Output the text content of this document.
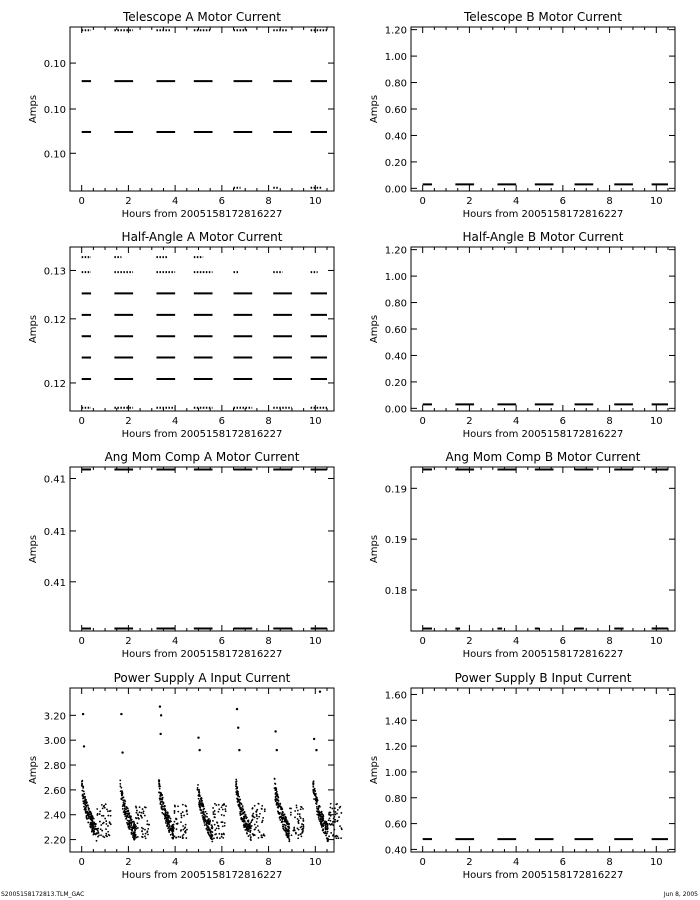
Telescope A Motor Current
0	2	4	6	8	10
Hours from 2005158172816227
0.10
0.10
0.10
Amps
Telescope B Motor Current
0	2	4	6	8	10
Hours from 2005158172816227
0.00
0.20
0.40
0.60
0.80
1.00
1.20
Amps
Half-Angle A Motor Current
0	2	4	6	8	10
Hours from 2005158172816227
0.13
0.12
0.12
Amps
Half-Angle B Motor Current
0	2	4	6	8	10
Hours from 2005158172816227
0.00
0.20
0.40
0.60
0.80
1.00
1.20
Amps
Ang Mom Comp A Motor Current
0	2	4	6	8	10
Hours from 2005158172816227
0.41
0.41
0.41
Amps
Ang Mom Comp B Motor Current
0	2	4	6	8	10
Hours from 2005158172816227
0.19
0.19
0.18
Amps
Power Supply A Input Current
0	2	4	6	8	10
Hours from 2005158172816227
2.20
2.40
2.60
2.80
3.00
3.20
Amps
Power Supply B Input Current
0	2	4	6	8	10
Hours from 2005158172816227
0.40
0.60
0.80
1.00
1.20
1.40
1.60
Amps
S2005158172813.TLM_GAC	Jun 8, 2005
